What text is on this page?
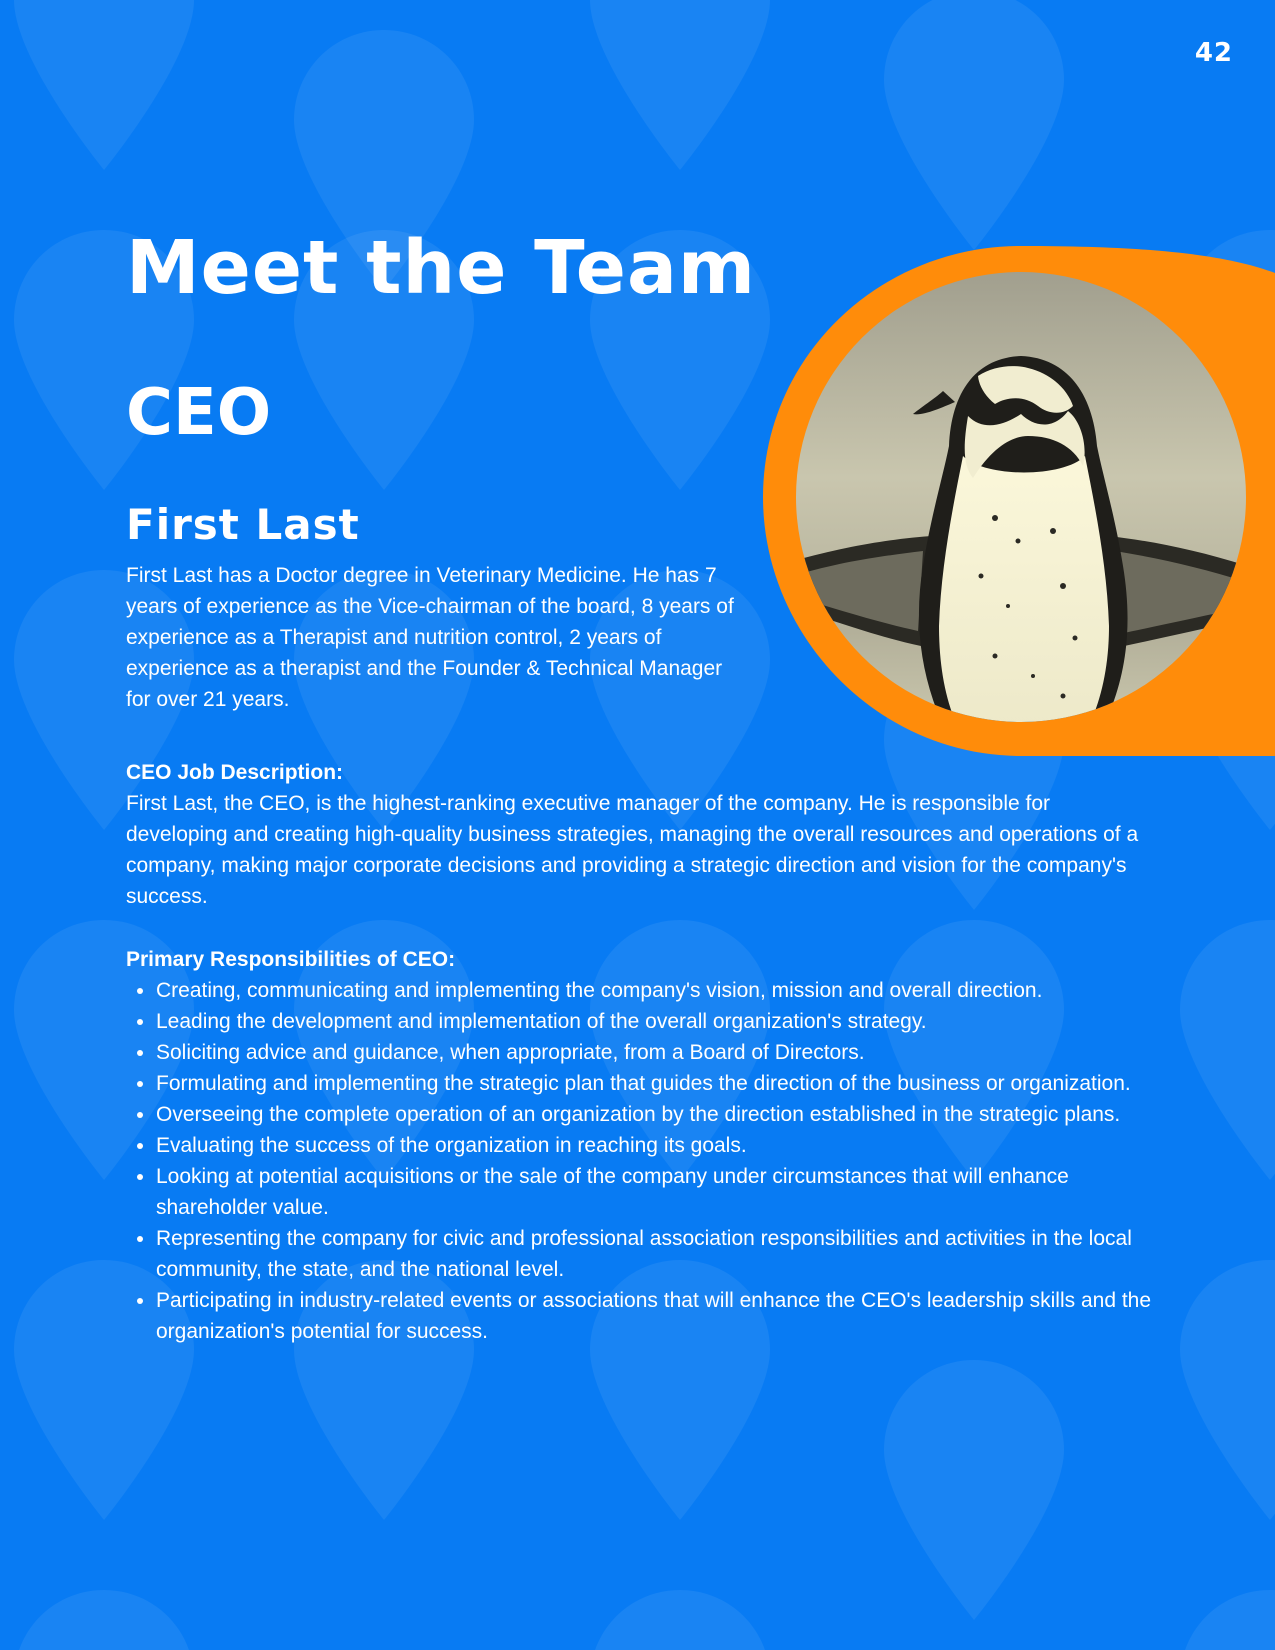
42
Meet the Team
CEO
First Last

First Last has a Doctor degree in Veterinary Medicine. He has 7 years of experience as the Vice-chairman of the board, 8 years of experience as a Therapist and nutrition control, 2 years of experience as a therapist and the Founder & Technical Manager for over 21 years.

CEO Job Description:

First Last, the CEO, is the highest-ranking executive manager of the company. He is responsible for developing and creating high-quality business strategies, managing the overall resources and operations of a company, making major corporate decisions and providing a strategic direction and vision for the company's success.

Primary Responsibilities of CEO:

• Creating, communicating and implementing the company's vision, mission and overall direction.
• Leading the development and implementation of the overall organization's strategy.
• Soliciting advice and guidance, when appropriate, from a Board of Directors.
• Formulating and implementing the strategic plan that guides the direction of the business or organization.
• Overseeing the complete operation of an organization by the direction established in the strategic plans.
• Evaluating the success of the organization in reaching its goals.
• Looking at potential acquisitions or the sale of the company under circumstances that will enhance shareholder value.
• Representing the company for civic and professional association responsibilities and activities in the local community, the state, and the national level.
• Participating in industry-related events or associations that will enhance the CEO's leadership skills and the organization's potential for success.
